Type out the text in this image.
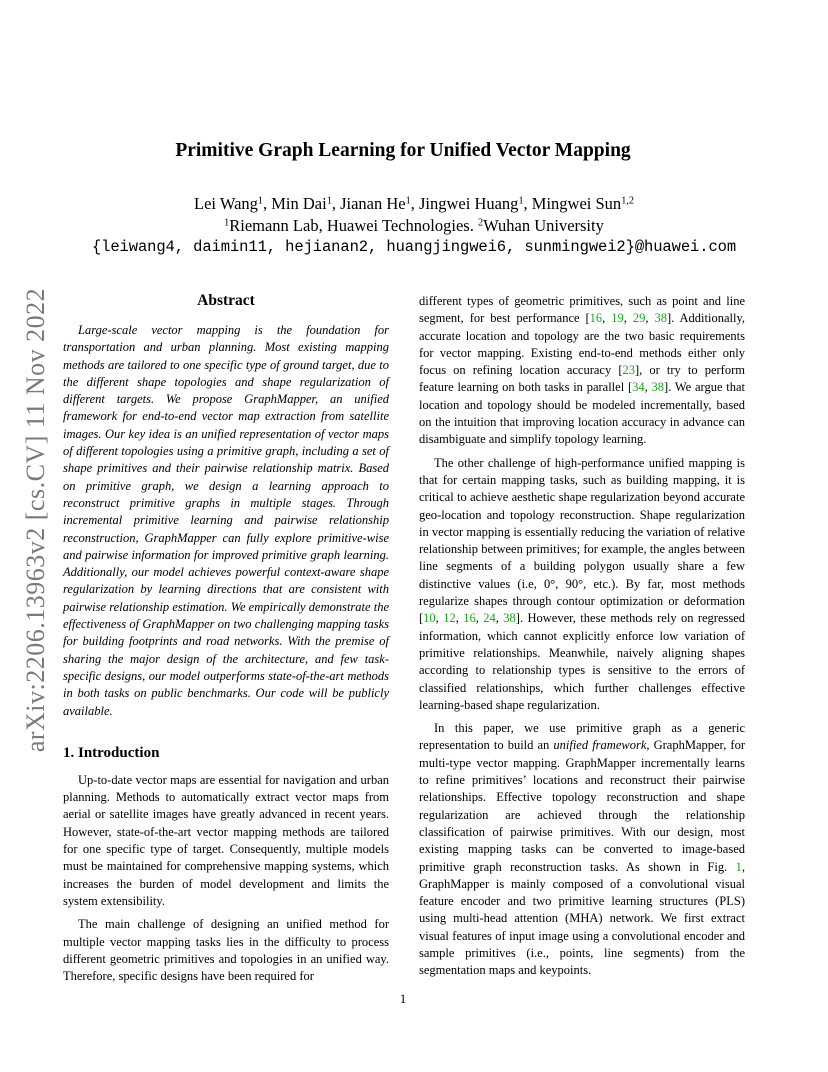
arXiv:2206.13963v2 [cs.CV] 11 Nov 2022
Primitive Graph Learning for Unified Vector Mapping
Lei Wang$^1$, Min Dai$^1$, Jianan He$^1$, Jingwei Huang$^1$, Mingwei Sun$^{1,2}$
$^1$Riemann Lab, Huawei Technologies. $^2$Wuhan University
{leiwang4, daimin11, hejianan2, huangjingwei6, sunmingwei2}@huawei.com
Abstract

Large-scale vector mapping is the foundation for transportation and urban planning. Most existing mapping methods are tailored to one specific type of ground target, due to the different shape topologies and shape regularization of different targets. We propose GraphMapper, an unified framework for end-to-end vector map extraction from satellite images. Our key idea is an unified representation of vector maps of different topologies using a primitive graph, including a set of shape primitives and their pairwise relationship matrix. Based on primitive graph, we design a learning approach to reconstruct primitive graphs in multiple stages. Through incremental primitive learning and pairwise relationship reconstruction, GraphMapper can fully explore primitive-wise and pairwise information for improved primitive graph learning. Additionally, our model achieves powerful context-aware shape regularization by learning directions that are consistent with pairwise relationship estimation. We empirically demonstrate the effectiveness of GraphMapper on two challenging mapping tasks for building footprints and road networks. With the premise of sharing the major design of the architecture, and few task-specific designs, our model outperforms state-of-the-art methods in both tasks on public benchmarks. Our code will be publicly available.

1. Introduction

Up-to-date vector maps are essential for navigation and urban planning. Methods to automatically extract vector maps from aerial or satellite images have greatly advanced in recent years. However, state-of-the-art vector mapping methods are tailored for one specific type of target. Consequently, multiple models must be maintained for comprehensive mapping systems, which increases the burden of model development and limits the system extensibility.

The main challenge of designing an unified method for multiple vector mapping tasks lies in the difficulty to process different geometric primitives and topologies in an unified way. Therefore, specific designs have been required for

different types of geometric primitives, such as point and line segment, for best performance [16, 19, 29, 38]. Additionally, accurate location and topology are the two basic requirements for vector mapping. Existing end-to-end methods either only focus on refining location accuracy [23], or try to perform feature learning on both tasks in parallel [34, 38]. We argue that location and topology should be modeled incrementally, based on the intuition that improving location accuracy in advance can disambiguate and simplify topology learning.

The other challenge of high-performance unified mapping is that for certain mapping tasks, such as building mapping, it is critical to achieve aesthetic shape regularization beyond accurate geo-location and topology reconstruction. Shape regularization in vector mapping is essentially reducing the variation of relative relationship between primitives; for example, the angles between line segments of a building polygon usually share a few distinctive values (i.e, 0°, 90°, etc.). By far, most methods regularize shapes through contour optimization or deformation [10, 12, 16, 24, 38]. However, these methods rely on regressed information, which cannot explicitly enforce low variation of primitive relationships. Meanwhile, naively aligning shapes according to relationship types is sensitive to the errors of classified relationships, which further challenges effective learning-based shape regularization.

In this paper, we use primitive graph as a generic representation to build an unified framework, GraphMapper, for multi-type vector mapping. GraphMapper incrementally learns to refine primitives’ locations and reconstruct their pairwise relationships. Effective topology reconstruction and shape regularization are achieved through the relationship classification of pairwise primitives. With our design, most existing mapping tasks can be converted to image-based primitive graph reconstruction tasks. As shown in Fig. 1, GraphMapper is mainly composed of a convolutional visual feature encoder and two primitive learning structures (PLS) using multi-head attention (MHA) network. We first extract visual features of input image using a convolutional encoder and sample primitives (i.e., points, line segments) from the segmentation maps and keypoints.

1
